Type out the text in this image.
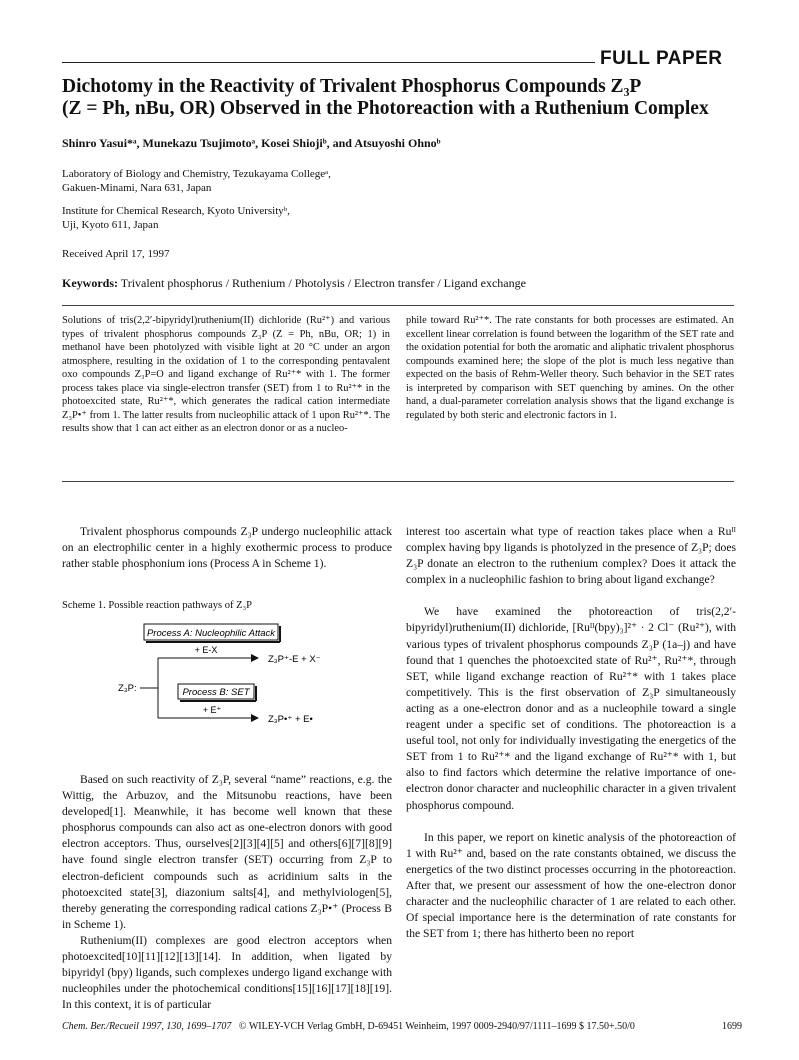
FULL PAPER
Dichotomy in the Reactivity of Trivalent Phosphorus Compounds Z₃P
(Z = Ph, nBu, OR) Observed in the Photoreaction with a Ruthenium Complex
Shinro Yasui*ᵃ, Munekazu Tsujimotoᵃ, Kosei Shiojiᵇ, and Atsuyoshi Ohnoᵇ
Laboratory of Biology and Chemistry, Tezukayama Collegeᵃ,
Gakuen-Minami, Nara 631, Japan
Institute for Chemical Research, Kyoto Universityᵇ,
Uji, Kyoto 611, Japan
Received April 17, 1997
Keywords: Trivalent phosphorus / Ruthenium / Photolysis / Electron transfer / Ligand exchange
Solutions of tris(2,2′-bipyridyl)ruthenium(II) dichloride (Ru²⁺) and various types of trivalent phosphorus compounds Z₃P (Z = Ph, nBu, OR; 1) in methanol have been photolyzed with visible light at 20 °C under an argon atmosphere, resulting in the oxidation of 1 to the corresponding pentavalent oxo compounds Z₃P=O and ligand exchange of Ru²⁺* with 1. The former process takes place via single-electron transfer (SET) from 1 to Ru²⁺* in the photoexcited state, Ru²⁺*, which generates the radical cation intermediate Z₃P•⁺ from 1. The latter results from nucleophilic attack of 1 upon Ru²⁺*. The results show that 1 can act either as an electron donor or as a nucleo-
phile toward Ru²⁺*. The rate constants for both processes are estimated. An excellent linear correlation is found between the logarithm of the SET rate and the oxidation potential for both the aromatic and aliphatic trivalent phosphorus compounds examined here; the slope of the plot is much less negative than expected on the basis of Rehm-Weller theory. Such behavior in the SET rates is interpreted by comparison with SET quenching by amines. On the other hand, a dual-parameter correlation analysis shows that the ligand exchange is regulated by both steric and electronic factors in 1.

Trivalent phosphorus compounds Z₃P undergo nucleophilic attack on an electrophilic center in a highly exothermic process to produce rather stable phosphonium ions (Process A in Scheme 1).

Scheme 1. Possible reaction pathways of Z₃P
Process A: Nucleophilic Attack
Z₃P:
+ E-X
Z₃P⁺-E + X⁻
Process B: SET
+ E⁺
Z₃P•⁺ + E•

Based on such reactivity of Z₃P, several “name” reactions, e.g. the Wittig, the Arbuzov, and the Mitsunobu reactions, have been developed[1]. Meanwhile, it has become well known that these phosphorus compounds can also act as one-electron donors with good electron acceptors. Thus, ourselves[2][3][4][5] and others[6][7][8][9] have found single electron transfer (SET) occurring from Z₃P to electron-deficient compounds such as acridinium salts in the photoexcited state[3], diazonium salts[4], and methylviologen[5], thereby generating the corresponding radical cations Z₃P•⁺ (Process B in Scheme 1).

Ruthenium(II) complexes are good electron acceptors when photoexcited[10][11][12][13][14]. In addition, when ligated by bipyridyl (bpy) ligands, such complexes undergo ligand exchange with nucleophiles under the photochemical conditions[15][16][17][18][19]. In this context, it is of particular

interest too ascertain what type of reaction takes place when a Ruᴵᴵ complex having bpy ligands is photolyzed in the presence of Z₃P; does Z₃P donate an electron to the ruthenium complex? Does it attack the complex in a nucleophilic fashion to bring about ligand exchange?

We have examined the photoreaction of tris(2,2′-bipyridyl)ruthenium(II) dichloride, [Ruᴵᴵ(bpy)₃]²⁺ · 2 Cl⁻ (Ru²⁺), with various types of trivalent phosphorus compounds Z₃P (1a–j) and have found that 1 quenches the photoexcited state of Ru²⁺, Ru²⁺*, through SET, while ligand exchange reaction of Ru²⁺* with 1 takes place competitively. This is the first observation of Z₃P simultaneously acting as a one-electron donor and as a nucleophile toward a single reagent under a specific set of conditions. The photoreaction is a useful tool, not only for individually investigating the energetics of the SET from 1 to Ru²⁺* and the ligand exchange of Ru²⁺* with 1, but also to find factors which determine the relative importance of one-electron donor character and nucleophilic character in a given trivalent phosphorus compound.

In this paper, we report on kinetic analysis of the photoreaction of 1 with Ru²⁺ and, based on the rate constants obtained, we discuss the energetics of the two distinct processes occurring in the photoreaction. After that, we present our assessment of how the one-electron donor character and the nucleophilic character of 1 are related to each other. Of special importance here is the determination of rate constants for the SET from 1; there has hitherto been no report

Chem. Ber./Recueil 1997, 130, 1699–1707 © WILEY-VCH Verlag GmbH, D-69451 Weinheim, 1997 0009-2940/97/1111–1699 $ 17.50+.50/0	1699
